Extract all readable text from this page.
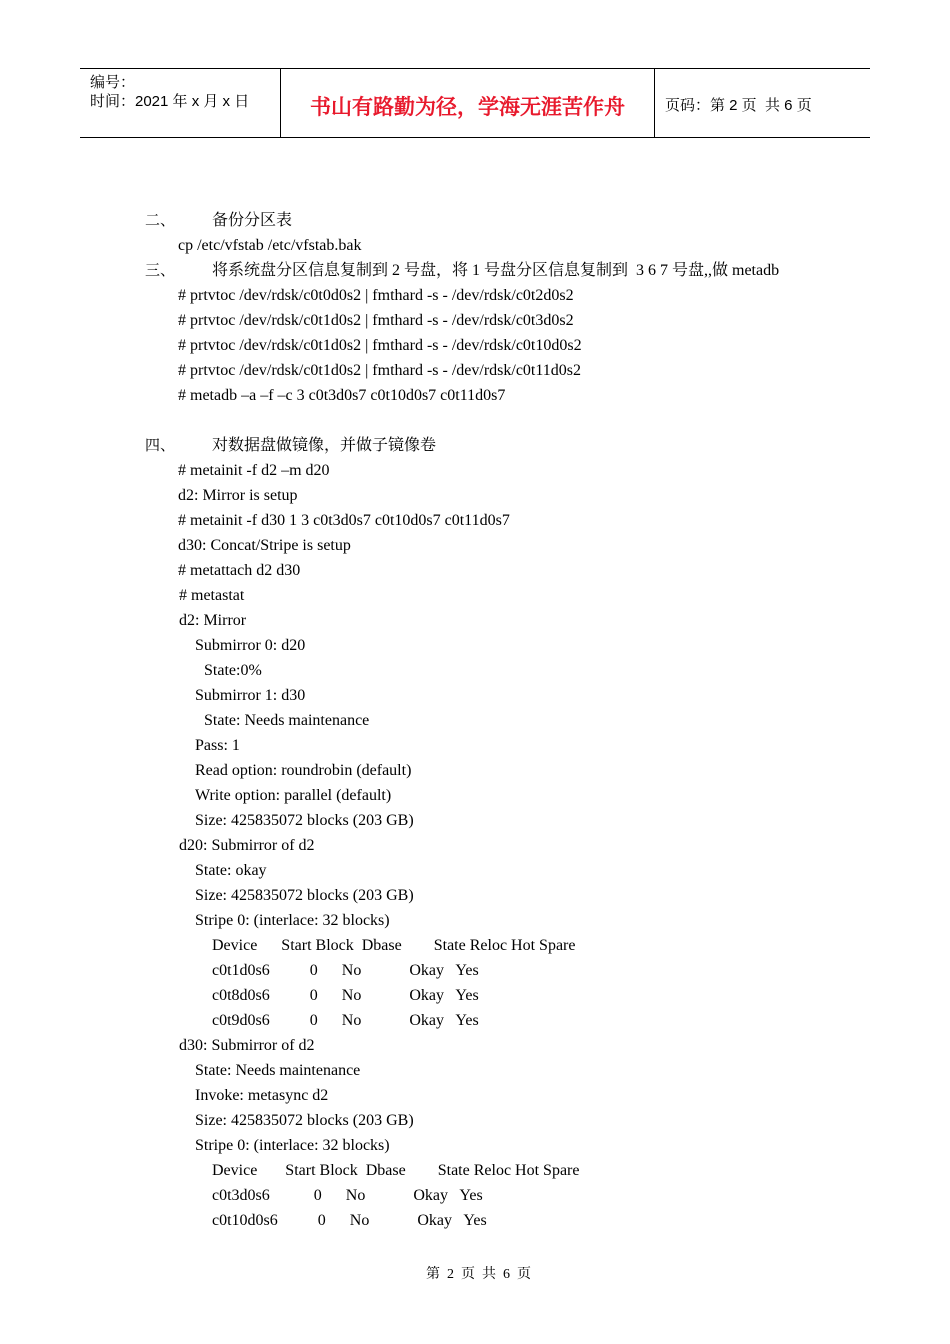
编号：
时间：2021 年 x 月 x 日	书山有路勤为径，学海无涯苦作舟	页码：第 2 页  共 6 页
二、 备份分区表
cp /etc/vfstab /etc/vfstab.bak
三、 将系统盘分区信息复制到 2 号盘，将 1 号盘分区信息复制到  3 6 7 号盘,,做 metadb
# prtvtoc /dev/rdsk/c0t0d0s2 | fmthard -s - /dev/rdsk/c0t2d0s2
# prtvtoc /dev/rdsk/c0t1d0s2 | fmthard -s - /dev/rdsk/c0t3d0s2
# prtvtoc /dev/rdsk/c0t1d0s2 | fmthard -s - /dev/rdsk/c0t10d0s2
# prtvtoc /dev/rdsk/c0t1d0s2 | fmthard -s - /dev/rdsk/c0t11d0s2
# metadb –a –f –c 3 c0t3d0s7 c0t10d0s7 c0t11d0s7
四、 对数据盘做镜像，并做子镜像卷
# metainit -f d2 –m d20
d2: Mirror is setup
# metainit -f d30 1 3 c0t3d0s7 c0t10d0s7 c0t11d0s7
d30: Concat/Stripe is setup
# metattach d2 d30
# metastat
d2: Mirror
Submirror 0: d20
State:0%
Submirror 1: d30
State: Needs maintenance
Pass: 1
Read option: roundrobin (default)
Write option: parallel (default)
Size: 425835072 blocks (203 GB)
d20: Submirror of d2
State: okay
Size: 425835072 blocks (203 GB)
Stripe 0: (interlace: 32 blocks)
Device      Start Block  Dbase        State Reloc Hot Spare
c0t1d0s6          0      No            Okay   Yes
c0t8d0s6          0      No            Okay   Yes
c0t9d0s6          0      No            Okay   Yes
d30: Submirror of d2
State: Needs maintenance
Invoke: metasync d2
Size: 425835072 blocks (203 GB)
Stripe 0: (interlace: 32 blocks)
Device       Start Block  Dbase        State Reloc Hot Spare
c0t3d0s6           0      No            Okay   Yes
c0t10d0s6          0      No            Okay   Yes

第  2  页  共  6  页
